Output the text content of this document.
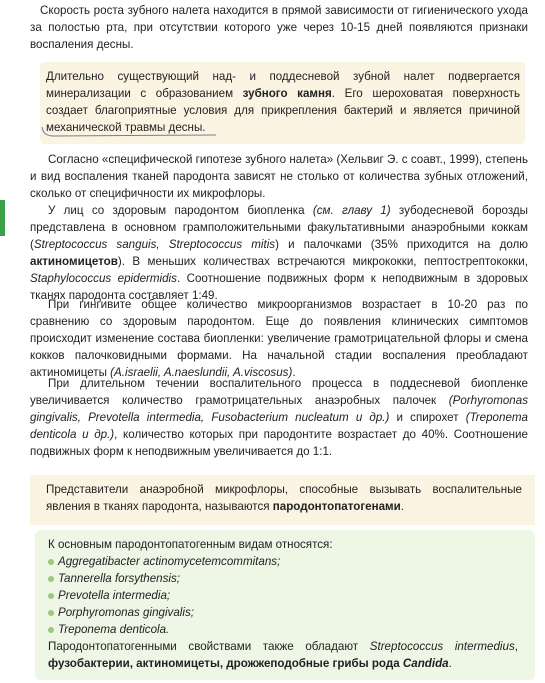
Скорость роста зубного налета находится в прямой зависимости от гигиенического ухода за полостью рта, при отсутствии которого уже через 10-15 дней появляются признаки воспаления десны.

Длительно существующий над- и поддесневой зубной налет подвергается минерализации с образованием зубного камня. Его шероховатая поверхность создает благоприятные условия для прикрепления бактерий и является причиной механической травмы десны.

Согласно «специфической гипотезе зубного налета» (Хельвиг Э. с соавт., 1999), степень и вид воспаления тканей пародонта зависят не столько от количества зубных отложений, сколько от специфичности их микрофлоры.

У лиц со здоровым пародонтом биопленка (см. главу 1) зубодесневой борозды представлена в основном грамположительными факультативными анаэробными коккам (Streptococcus sanguis, Streptococcus mitis) и палочками (35% приходится на долю актиномицетов). В меньших количествах встречаются микрококки, пептострептококки, Staphylococcus epidermidis. Соотношение подвижных форм к неподвижным в здоровых тканях пародонта составляет 1:49.

При гингивите общее количество микроорганизмов возрастает в 10-20 раз по сравнению со здоровым пародонтом. Еще до появления клинических симптомов происходит изменение состава биопленки: увеличение грамотрицательной флоры и смена кокков палочковидными формами. На начальной стадии воспаления преобладают актиномицеты (A.israelii, A.naeslundii, A.viscosus).

При длительном течении воспалительного процесса в поддесневой биопленке увеличивается количество грамотрицательных анаэробных палочек (Porhyromonas gingivalis, Prevotella intermedia, Fusobacterium nucleatum и др.) и спирохет (Treponema denticola и др.), количество которых при пародонтите возрастает до 40%. Соотношение подвижных форм к неподвижным увеличивается до 1:1.

Представители анаэробной микрофлоры, способные вызывать воспалительные явления в тканях пародонта, называются пародонтопатогенами.

К основным пародонтопатогенным видам относятся:

Aggregatibacter actinomycetemcommitans;
Tannerella forsythensis;
Prevotella intermedia;
Porphyromonas gingivalis;
Treponema denticola.

Пародонтопатогенными свойствами также обладают Streptococcus intermedius, фузобактерии, актиномицеты, дрожжеподобные грибы рода Candida.
